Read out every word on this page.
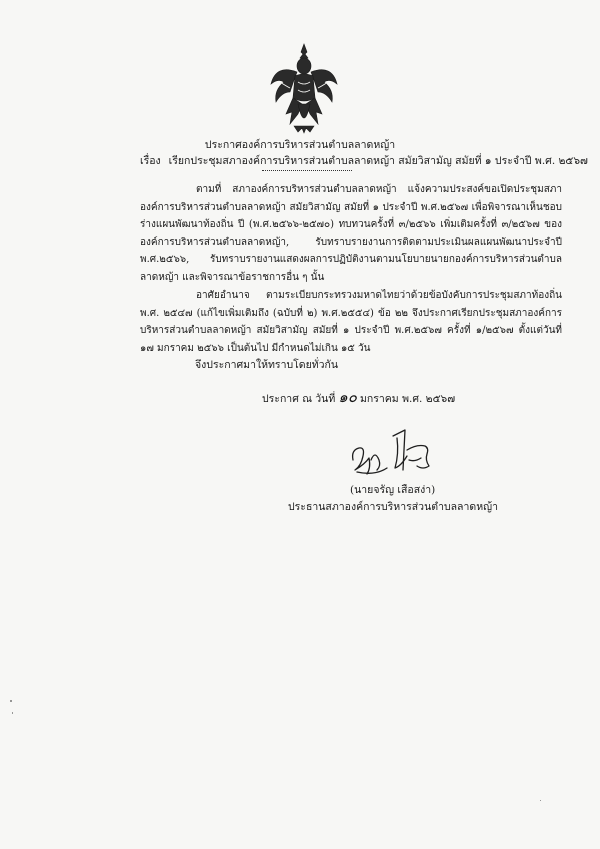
ประกาศองค์การบริหารส่วนตำบลลาดหญ้า
เรื่อง เรียกประชุมสภาองค์การบริหารส่วนตำบลลาดหญ้า สมัยวิสามัญ สมัยที่ ๑ ประจำปี พ.ศ. ๒๕๖๗
ตามที่ สภาองค์การบริหารส่วนตำบลลาดหญ้า แจ้งความประสงค์ขอเปิดประชุมสภาองค์การบริหารส่วนตำบลลาดหญ้า สมัยวิสามัญ สมัยที่ ๑ ประจำปี พ.ศ.๒๕๖๗ เพื่อพิจารณาเห็นชอบร่างแผนพัฒนาท้องถิ่น ปี (พ.ศ.๒๕๖๖-๒๕๗๐) ทบทวนครั้งที่ ๓/๒๕๖๖ เพิ่มเติมครั้งที่ ๓/๒๕๖๗ ขององค์การบริหารส่วนตำบลลาดหญ้า, รับทราบรายงานการติดตามประเมินผลแผนพัฒนาประจำปี พ.ศ.๒๕๖๖, รับทราบรายงานแสดงผลการปฏิบัติงานตามนโยบายนายกองค์การบริหารส่วนตำบลลาดหญ้า และพิจารณาข้อราชการอื่น ๆ นั้น
อาศัยอำนาจ ตามระเบียบกระทรวงมหาดไทยว่าด้วยข้อบังคับการประชุมสภาท้องถิ่น พ.ศ. ๒๕๔๗ (แก้ไขเพิ่มเติมถึง (ฉบับที่ ๒) พ.ศ.๒๕๕๔) ข้อ ๒๒ จึงประกาศเรียกประชุมสภาองค์การบริหารส่วนตำบลลาดหญ้า สมัยวิสามัญ สมัยที่ ๑ ประจำปี พ.ศ.๒๕๖๗ ครั้งที่ ๑/๒๕๖๗ ตั้งแต่วันที่ ๑๗ มกราคม ๒๕๖๖ เป็นต้นไป มีกำหนดไม่เกิน ๑๕ วัน
จึงประกาศมาให้ทราบโดยทั่วกัน
ประกาศ ณ วันที่ ๑๐ มกราคม พ.ศ. ๒๕๖๗
(นายจรัญ เสือสง่า)
ประธานสภาองค์การบริหารส่วนตำบลลาดหญ้า
